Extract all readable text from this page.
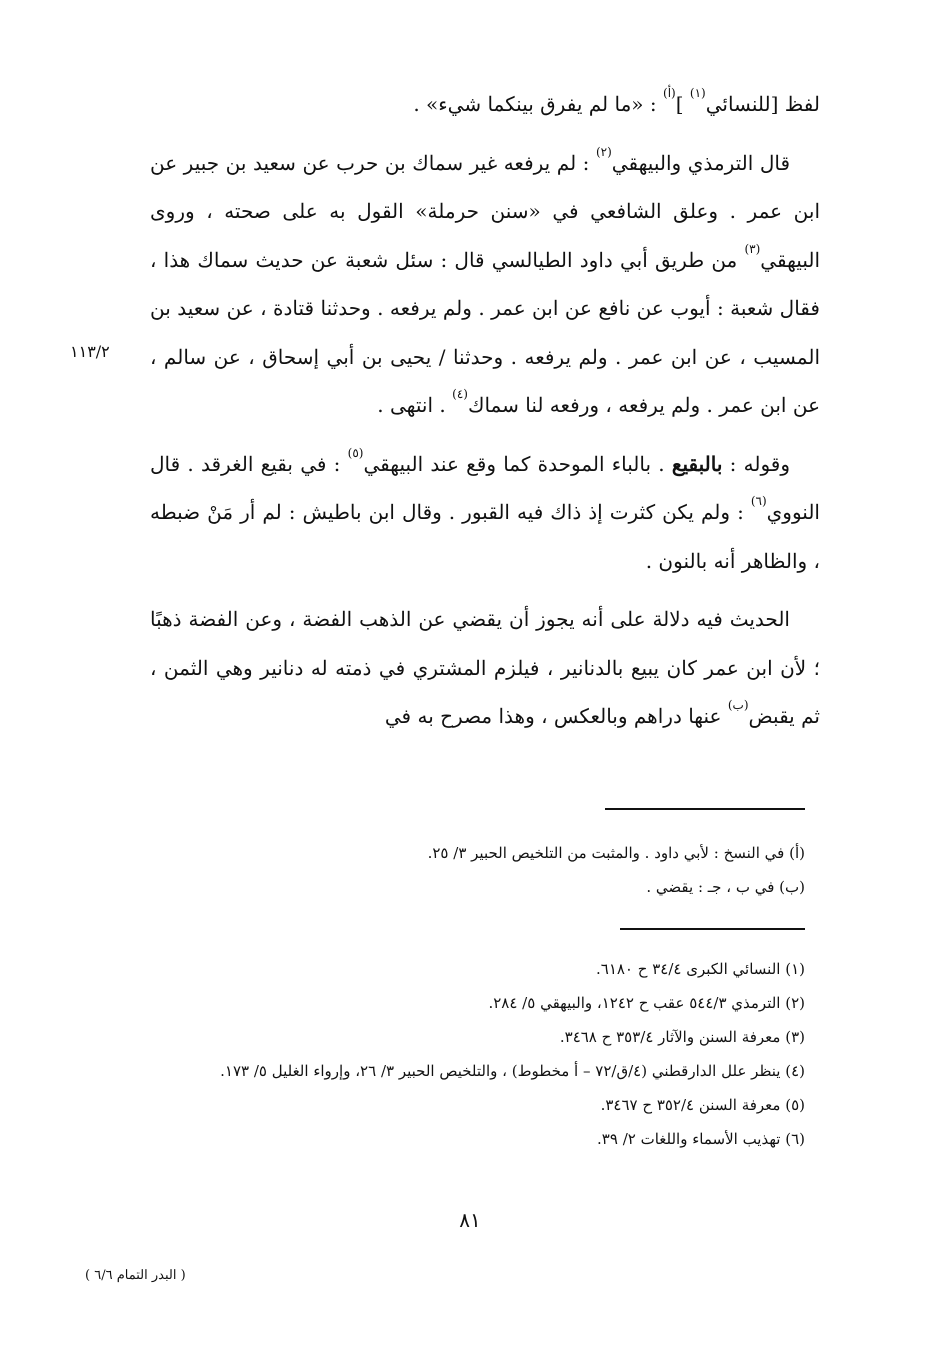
لفظ [للنسائي$^{(١)}$ ]$^{(أ)}$ : «ما لم يفرق بينكما شيء» .

قال الترمذي والبيهقي$^{(٢)}$ : لم يرفعه غير سماك بن حرب عن سعيد بن جبير عن ابن عمر . وعلق الشافعي في «سنن حرملة» القول به على صحته ، وروى البيهقي$^{(٣)}$ من طريق أبي داود الطيالسي قال : سئل شعبة عن حديث سماك هذا ، فقال شعبة : أيوب عن نافع عن ابن عمر . ولم يرفعه . وحدثنا قتادة ، عن سعيد بن المسيب ، عن ابن عمر . ولم يرفعه . وحدثنا / يحيى بن أبي إسحاق ، عن سالم ، عن ابن عمر . ولم يرفعه ، ورفعه لنا سماك$^{(٤)}$ . انتهى .

وقوله : بالبقيع . بالباء الموحدة كما وقع عند البيهقي$^{(٥)}$ : في بقيع الغرقد . قال النووي$^{(٦)}$ : ولم يكن كثرت إذ ذاك فيه القبور . وقال ابن باطيش : لم أر مَنْ ضبطه ، والظاهر أنه بالنون .

الحديث فيه دلالة على أنه يجوز أن يقضي عن الذهب الفضة ، وعن الفضة ذهبًا ؛ لأن ابن عمر كان يبيع بالدنانير ، فيلزم المشتري في ذمته له دنانير وهي الثمن ، ثم يقبض$^{(ب)}$ عنها دراهم وبالعكس ، وهذا مصرح به في

١١٣/٢
(أ) في النسخ : لأبي داود . والمثبت من التلخيص الحبير ٣/ ٢٥.
(ب) في ب ، جـ : يقضي .
(١) النسائي الكبرى ٣٤/٤ ح ٦١٨٠.
(٢) الترمذي ٥٤٤/٣ عقب ح ١٢٤٢، والبيهقي ٥/ ٢٨٤.
(٣) معرفة السنن والآثار ٣٥٣/٤ ح ٣٤٦٨.
(٤) ينظر علل الدارقطني (٤/ق/٧٢ – أ مخطوط) ، والتلخيص الحبير ٣/ ٢٦، وإرواء الغليل ٥/ ١٧٣.
(٥) معرفة السنن ٣٥٢/٤ ح ٣٤٦٧.
(٦) تهذيب الأسماء واللغات ٢/ ٣٩.
٨١
( البدر التمام ٦/٦ )
